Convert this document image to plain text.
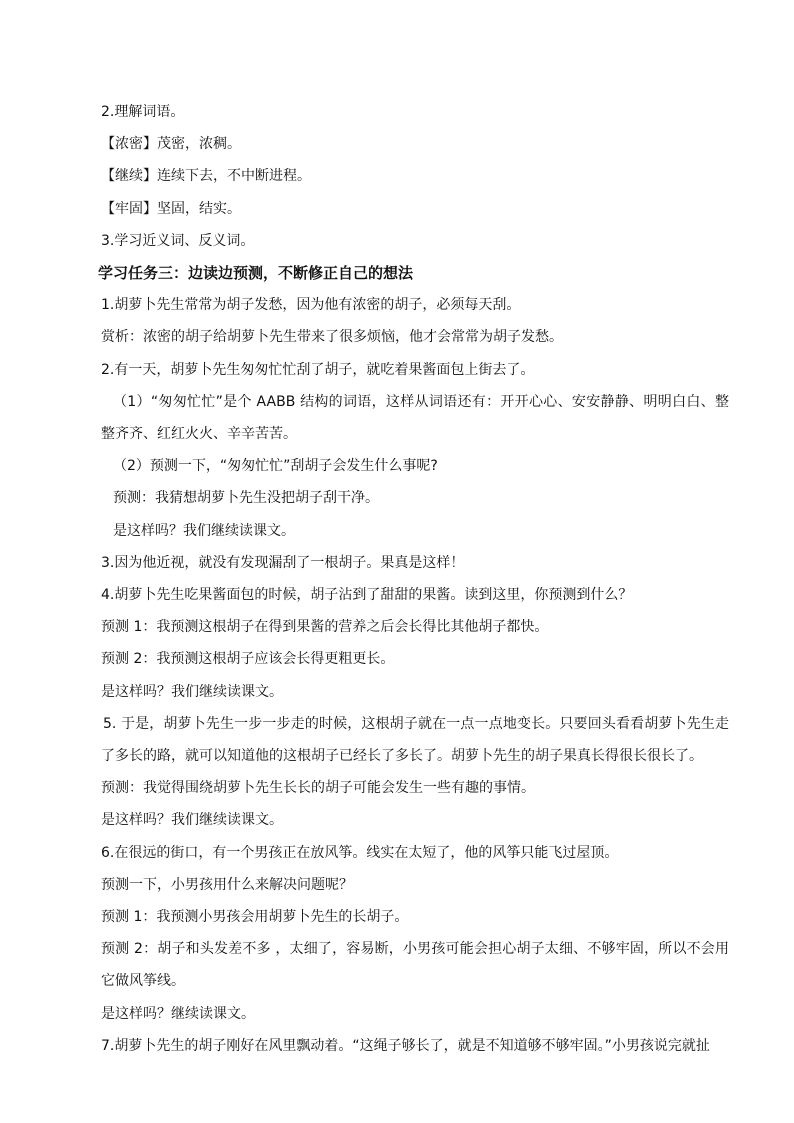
2.理解词语。

【浓密】茂密，浓稠。

【继续】连续下去，不中断进程。

【牢固】坚固，结实。

3.学习近义词、反义词。

学习任务三：边读边预测，不断修正自己的想法

1.胡萝卜先生常常为胡子发愁，因为他有浓密的胡子，必须每天刮。

赏析：浓密的胡子给胡萝卜先生带来了很多烦恼，他才会常常为胡子发愁。

2.有一天，胡萝卜先生匆匆忙忙刮了胡子，就吃着果酱面包上街去了。

（1）“匆匆忙忙”是个 AABB 结构的词语，这样从词语还有：开开心心、安安静静、明明白白、整整齐齐、红红火火、辛辛苦苦。

（2）预测一下，“匆匆忙忙”刮胡子会发生什么事呢?

预测：我猜想胡萝卜先生没把胡子刮干净。

是这样吗？我们继续读课文。

3.因为他近视，就没有发现漏刮了一根胡子。果真是这样！

4.胡萝卜先生吃果酱面包的时候，胡子沾到了甜甜的果酱。读到这里，你预测到什么？

预测 1：我预测这根胡子在得到果酱的营养之后会长得比其他胡子都快。

预测 2：我预测这根胡子应该会长得更粗更长。

是这样吗？我们继续读课文。

5. 于是，胡萝卜先生一步一步走的时候，这根胡子就在一点一点地变长。只要回头看看胡萝卜先生走了多长的路，就可以知道他的这根胡子已经长了多长了。胡萝卜先生的胡子果真长得很长很长了。

预测：我觉得围绕胡萝卜先生长长的胡子可能会发生一些有趣的事情。

是这样吗？我们继续读课文。

6.在很远的街口，有一个男孩正在放风筝。线实在太短了，他的风筝只能飞过屋顶。

预测一下，小男孩用什么来解决问题呢？

预测 1：我预测小男孩会用胡萝卜先生的长胡子。

预测 2：胡子和头发差不多 ，太细了，容易断，小男孩可能会担心胡子太细、不够牢固，所以不会用它做风筝线。

是这样吗？继续读课文。

7.胡萝卜先生的胡子刚好在风里飘动着。“这绳子够长了，就是不知道够不够牢固。”小男孩说完就扯
